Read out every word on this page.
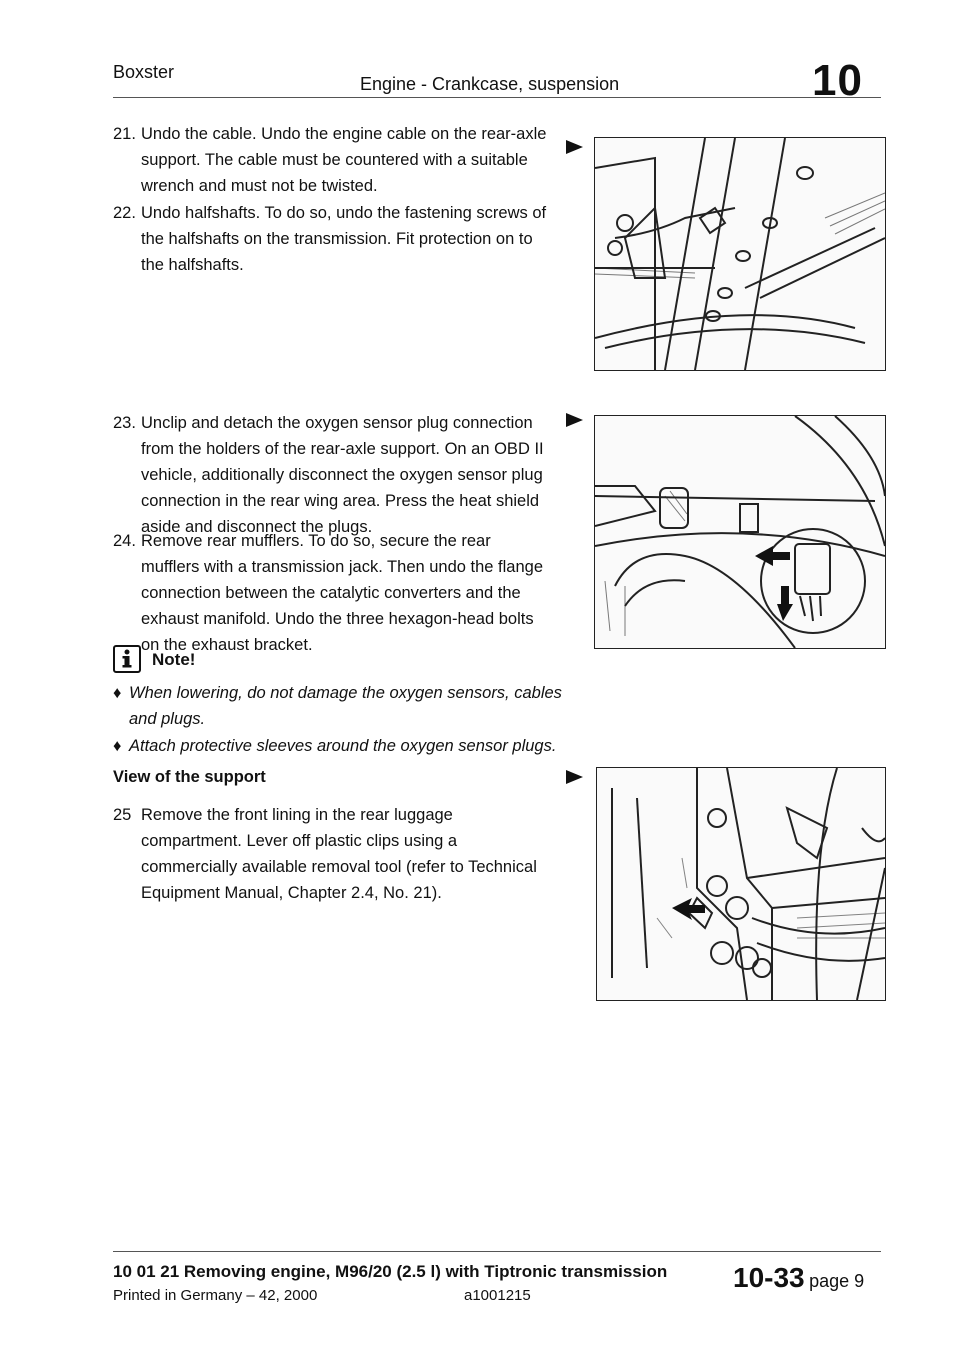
Boxster
Engine - Crankcase, suspension	10
21. Undo the cable. Undo the engine cable on the rear-axle support. The cable must be countered with a suitable wrench and must not be twisted.
22. Undo halfshafts. To do so, undo the fastening screws of the halfshafts on the transmission. Fit protection on to the halfshafts.
23. Unclip and detach the oxygen sensor plug connection from the holders of the rear-axle support. On an OBD II vehicle, additionally disconnect the oxygen sensor plug connection in the rear wing area. Press the heat shield aside and disconnect the plugs.
24. Remove rear mufflers. To do so, secure the rear mufflers with a transmission jack. Then undo the flange connection between the catalytic converters and the exhaust manifold. Undo the three hexagon-head bolts on the exhaust bracket.
Note!
♦ When lowering, do not damage the oxygen sensors, cables and plugs.
♦ Attach protective sleeves around the oxygen sensor plugs.
View of the support
25 Remove the front lining in the rear luggage compartment. Lever off plastic clips using a commercially available removal tool (refer to Technical Equipment Manual, Chapter 2.4, No. 21).
10 01 21 Removing engine, M96/20 (2.5 l) with Tiptronic transmission
Printed in Germany – 42, 2000	a1001215
10-33 page 9
